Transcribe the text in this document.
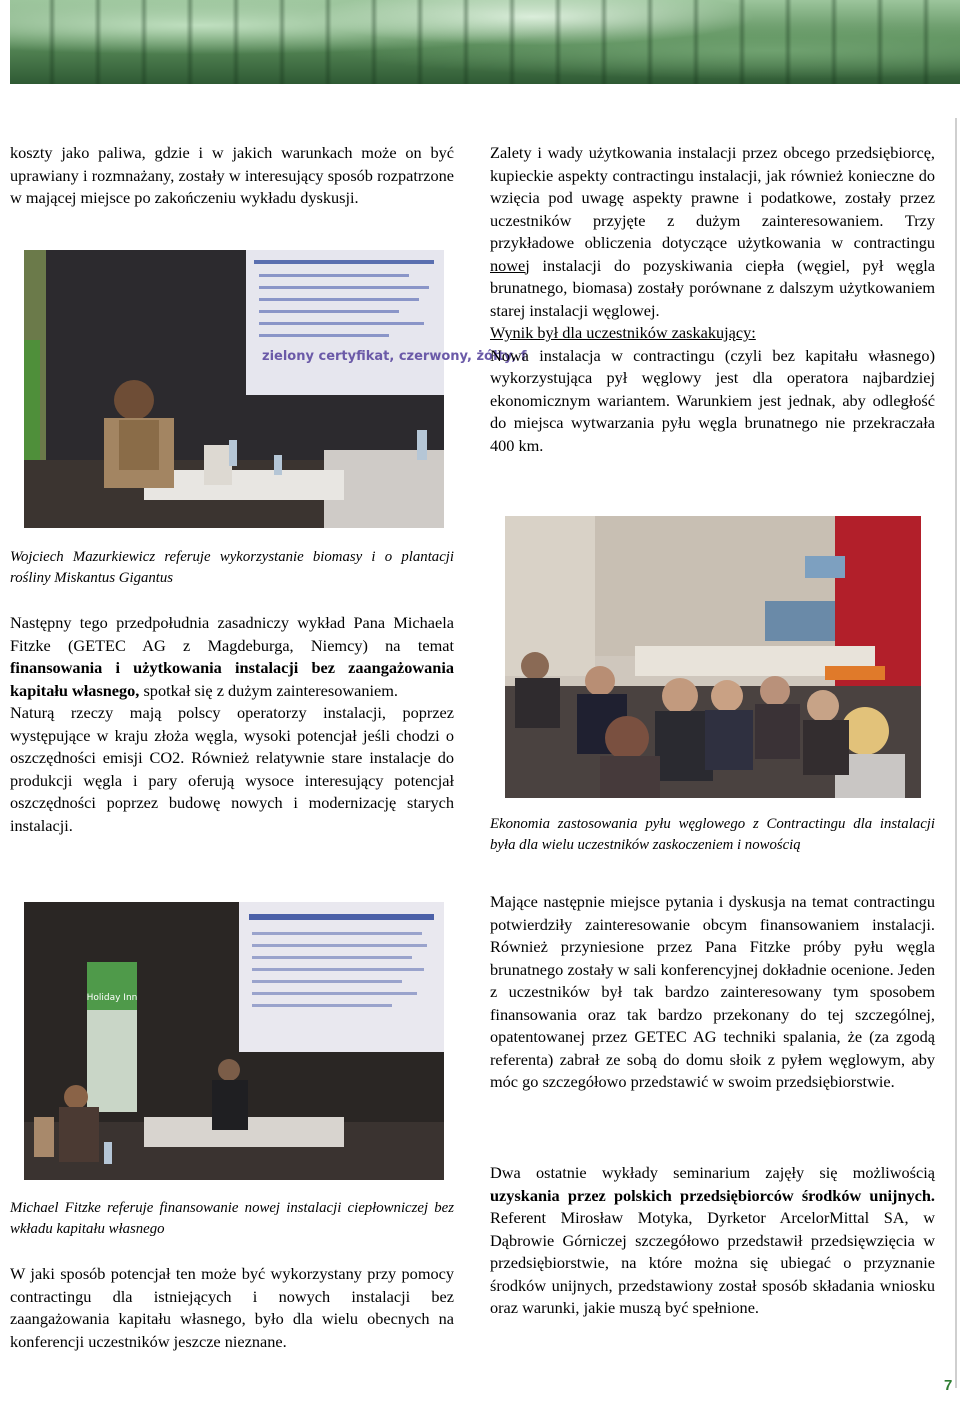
koszty jako paliwa, gdzie i w jakich warunkach może on być uprawiany i rozmnażany, zostały w interesujący sposób rozpatrzone w mającej miejsce po zakończeniu wykładu dyskusji.

zielony certyfikat, czerwony, żółty, f
Wojciech Mazurkiewicz referuje wykorzystanie biomasy i o plantacji rośliny Miskantus Gigantus

Następny tego przedpołudnia zasadniczy wykład Pana Michaela Fitzke (GETEC AG z Magdeburga, Niemcy) na temat finansowania i użytkowania instalacji bez zaangażowania kapitału własnego, spotkał się z dużym zainteresowaniem.

Naturą rzeczy mają polscy operatorzy instalacji, poprzez występujące w kraju złoża węgla, wysoki potencjał jeśli chodzi o oszczędności emisji CO2. Również relatywnie stare instalacje do produkcji węgla i pary oferują wysoce interesujący potencjał oszczędności poprzez budowę nowych i modernizację starych instalacji.

Holiday Inn
Michael Fitzke referuje finansowanie nowej instalacji ciepłowniczej bez wkładu kapitału własnego

W jaki sposób potencjał ten może być wykorzystany przy pomocy contractingu dla istniejących i nowych instalacji bez zaangażowania kapitału własnego, było dla wielu obecnych na konferencji uczestników jeszcze nieznane.

Zalety i wady użytkowania instalacji przez obcego przedsiębiorcę, kupieckie aspekty contractingu instalacji, jak również konieczne do wzięcia pod uwagę aspekty prawne i podatkowe, zostały przez uczestników przyjęte z dużym zainteresowaniem. Trzy przykładowe obliczenia dotyczące użytkowania w contractingu nowej instalacji do pozyskiwania ciepła (węgiel, pył węgla brunatnego, biomasa) zostały porównane z dalszym użytkowaniem starej instalacji węglowej.

Wynik był dla uczestników zaskakujący:

Nowa instalacja w contractingu (czyli bez kapitału własnego) wykorzystująca pył węglowy jest dla operatora najbardziej ekonomicznym wariantem. Warunkiem jest jednak, aby odległość do miejsca wytwarzania pyłu węgla brunatnego nie przekraczała 400 km.

Ekonomia zastosowania pyłu węglowego z Contractingu dla instalacji była dla wielu uczestników zaskoczeniem i nowością

Mające następnie miejsce pytania i dyskusja na temat contractingu potwierdziły zainteresowanie obcym finansowaniem instalacji. Również przyniesione przez Pana Fitzke próby pyłu węgla brunatnego zostały w sali konferencyjnej dokładnie ocenione. Jeden z uczestników był tak bardzo zainteresowany tym sposobem finansowania oraz tak bardzo przekonany do tej szczególnej, opatentowanej przez GETEC AG techniki spalania, że (za zgodą referenta) zabrał ze sobą do domu słoik z pyłem węglowym, aby móc go szczegółowo przedstawić w swoim przedsiębiorstwie.

Dwa ostatnie wykłady seminarium zajęły się możliwością uzyskania przez polskich przedsiębiorców środków unijnych. Referent Mirosław Motyka, Dyrketor ArcelorMittal SA, w Dąbrowie Górniczej szczegółowo przedstawił przedsięwzięcia w przedsiębiorstwie, na które można się ubiegać o przyznanie środków unijnych, przedstawiony został sposób składania wniosku oraz warunki, jakie muszą być spełnione.

7
